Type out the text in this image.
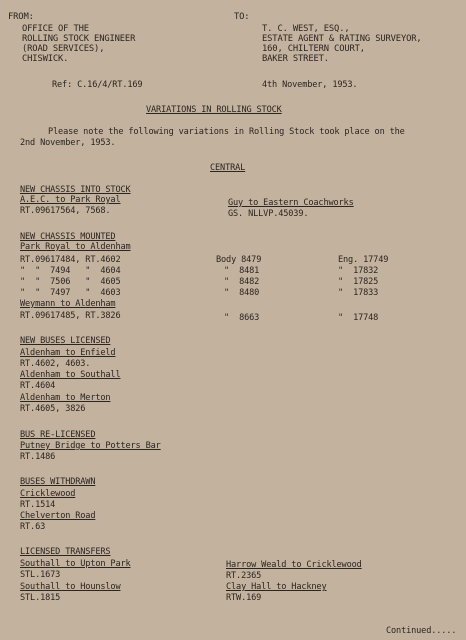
FROM:
OFFICE OF THE
ROLLING STOCK ENGINEER
(ROAD SERVICES),
CHISWICK.
TO:
T. C. WEST, ESQ.,
ESTATE AGENT & RATING SURVEYOR,
160, CHILTERN COURT,
BAKER STREET.
Ref: C.16/4/RT.169	4th November, 1953.
VARIATIONS IN ROLLING STOCK
Please note the following variations in Rolling Stock took place on the
2nd November, 1953.
CENTRAL
NEW CHASSIS INTO STOCK
A.E.C. to Park Royal
RT.09617564, 7568.
Guy to Eastern Coachworks
GS. NLLVP.45039.
NEW CHASSIS MOUNTED
Park Royal to Aldenham
RT.09617484, RT.4602	Body 8479	Eng. 17749
"  "  7494   "  4604	"  8481	"  17832
"  "  7506   "  4605	"  8482	"  17825
"  "  7497   "  4603	"  8480	"  17833
Weymann to Aldenham
RT.09617485, RT.3826	"  8663	"  17748
NEW BUSES LICENSED
Aldenham to Enfield
RT.4602, 4603.
Aldenham to Southall
RT.4604
Aldenham to Merton
RT.4605, 3826
BUS RE-LICENSED
Putney Bridge to Potters Bar
RT.1486
BUSES WITHDRAWN
Cricklewood
RT.1514
Chelverton Road
RT.63
LICENSED TRANSFERS
Southall to Upton Park
STL.1673
Southall to Hounslow
STL.1815
Harrow Weald to Cricklewood
RT.2365
Clay Hall to Hackney
RTW.169
Continued.....
